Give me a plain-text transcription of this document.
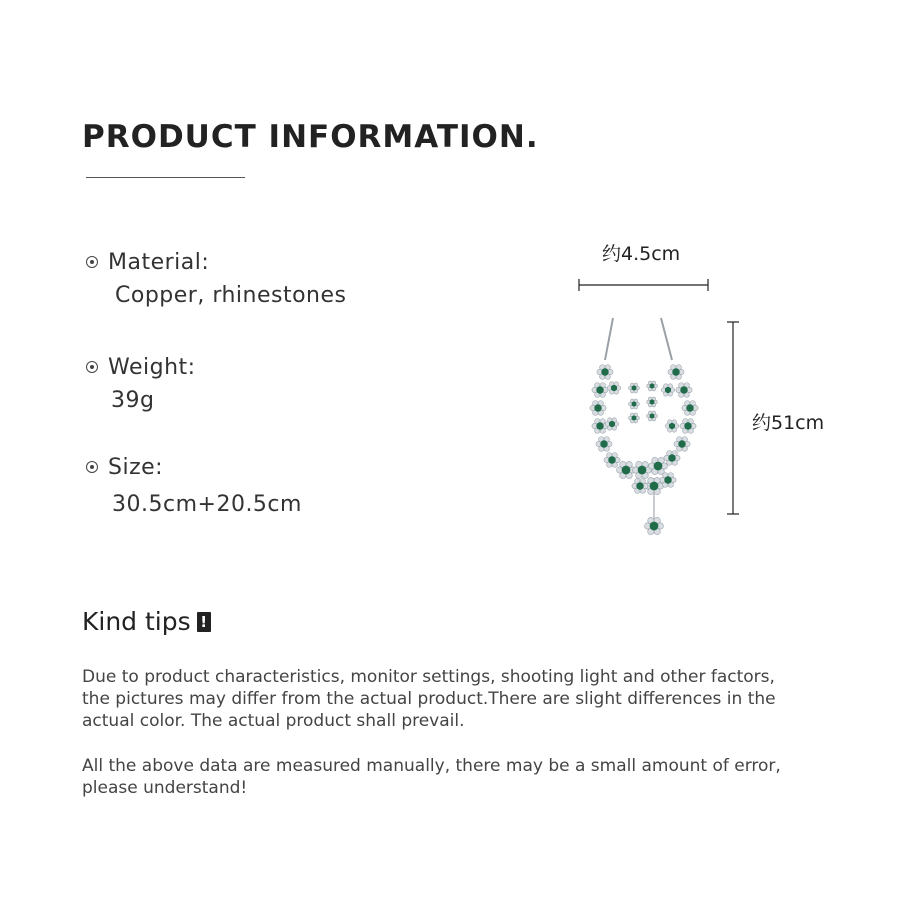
PRODUCT INFORMATION.
Material:
Copper, rhinestones
Weight:
39g
Size:
30.5cm+20.5cm
约4.5cm
约51cm
Kind tips !

Due to product characteristics, monitor settings, shooting light and other factors, the pictures may differ from the actual product.There are slight differences in the actual color. The actual product shall prevail.

All the above data are measured manually, there may be a small amount of error, please understand!
